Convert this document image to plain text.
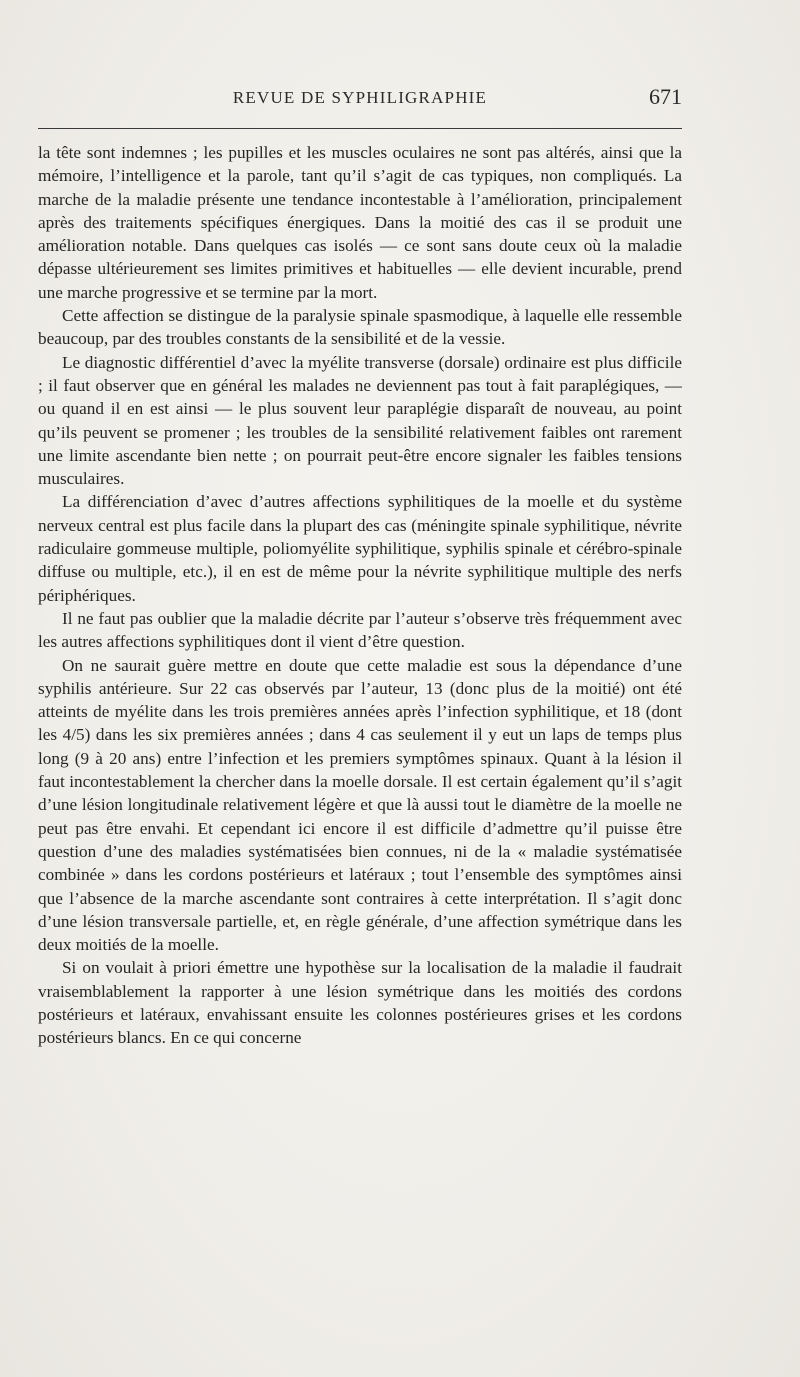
REVUE DE SYPHILIGRAPHIE	671

la tête sont indemnes ; les pupilles et les muscles oculaires ne sont pas altérés, ainsi que la mémoire, l’intelligence et la parole, tant qu’il s’agit de cas typiques, non compliqués. La marche de la maladie présente une tendance incontestable à l’amélioration, principalement après des traitements spécifiques énergiques. Dans la moitié des cas il se produit une amélioration notable. Dans quelques cas isolés — ce sont sans doute ceux où la maladie dépasse ultérieurement ses limites primitives et habituelles — elle devient incurable, prend une marche progressive et se termine par la mort.

Cette affection se distingue de la paralysie spinale spasmodique, à laquelle elle ressemble beaucoup, par des troubles constants de la sensibilité et de la vessie.

Le diagnostic différentiel d’avec la myélite transverse (dorsale) ordinaire est plus difficile ; il faut observer que en général les malades ne deviennent pas tout à fait paraplégiques, — ou quand il en est ainsi — le plus souvent leur paraplégie disparaît de nouveau, au point qu’ils peuvent se promener ; les troubles de la sensibilité relativement faibles ont rarement une limite ascendante bien nette ; on pourrait peut-être encore signaler les faibles tensions musculaires.

La différenciation d’avec d’autres affections syphilitiques de la moelle et du système nerveux central est plus facile dans la plupart des cas (méningite spinale syphilitique, névrite radiculaire gommeuse multiple, poliomyélite syphilitique, syphilis spinale et cérébro-spinale diffuse ou multiple, etc.), il en est de même pour la névrite syphilitique multiple des nerfs périphériques.

Il ne faut pas oublier que la maladie décrite par l’auteur s’observe très fréquemment avec les autres affections syphilitiques dont il vient d’être question.

On ne saurait guère mettre en doute que cette maladie est sous la dépendance d’une syphilis antérieure. Sur 22 cas observés par l’auteur, 13 (donc plus de la moitié) ont été atteints de myélite dans les trois premières années après l’infection syphilitique, et 18 (dont les 4/5) dans les six premières années ; dans 4 cas seulement il y eut un laps de temps plus long (9 à 20 ans) entre l’infection et les premiers symptômes spinaux. Quant à la lésion il faut incontestablement la chercher dans la moelle dorsale. Il est certain également qu’il s’agit d’une lésion longitudinale relativement légère et que là aussi tout le diamètre de la moelle ne peut pas être envahi. Et cependant ici encore il est difficile d’admettre qu’il puisse être question d’une des maladies systématisées bien connues, ni de la « maladie systématisée combinée » dans les cordons postérieurs et latéraux ; tout l’ensemble des symptômes ainsi que l’absence de la marche ascendante sont contraires à cette interprétation. Il s’agit donc d’une lésion transversale partielle, et, en règle générale, d’une affection symétrique dans les deux moitiés de la moelle.

Si on voulait à priori émettre une hypothèse sur la localisation de la maladie il faudrait vraisemblablement la rapporter à une lésion symétrique dans les moitiés des cordons postérieurs et latéraux, envahissant ensuite les colonnes postérieures grises et les cordons postérieurs blancs. En ce qui concerne
